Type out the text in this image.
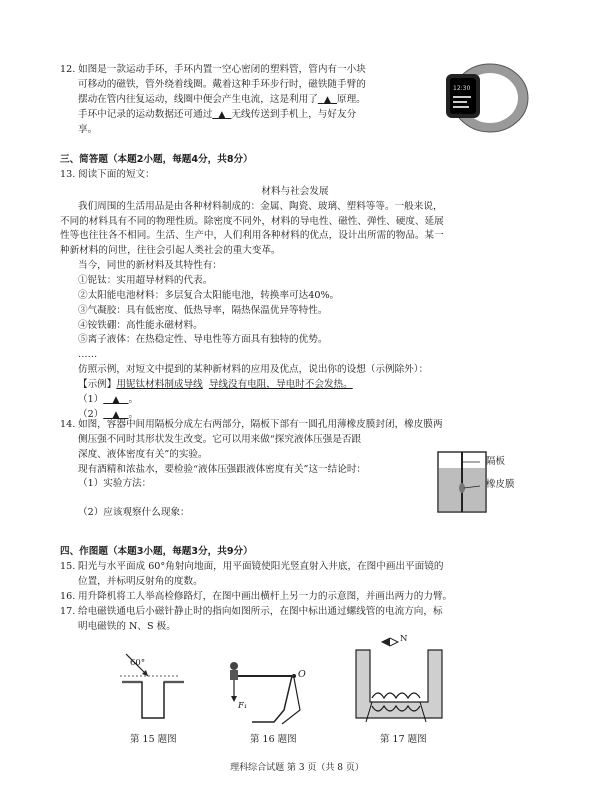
12. 如图是一款运动手环，手环内置一空心密闭的塑料管，管内有一小块
可移动的磁铁，管外绕着线圈。戴着这种手环步行时，磁铁随手臂的
摆动在管内往复运动，线圈中便会产生电流，这是利用了 ▲ 原理。
手环中记录的运动数据还可通过 ▲ 无线传送到手机上，与好友分
享。
12:30
三、简答题（本题2小题，每题4分，共8分）
13. 阅读下面的短文：
材料与社会发展
我们周围的生活用品是由各种材料制成的：金属、陶瓷、玻璃、塑料等等。一般来说，
不同的材料具有不同的物理性质。除密度不同外，材料的导电性、磁性、弹性、硬度、延展
性等也往往各不相同。生活、生产中，人们利用各种材料的优点，设计出所需的物品。某一
种新材料的问世，往往会引起人类社会的重大变革。
当今，同世的新材料及其特性有：
①铌钛：实用超导材料的代表。
②太阳能电池材料：多层复合太阳能电池，转换率可达40%。
③气凝胶：具有低密度、低热导率，隔热保温优异等特性。
④铵铁硼：高性能永磁材料。
⑤离子液体：在热稳定性、导电性等方面具有独特的优势。
……
仿照示例，对短文中提到的某种新材料的应用及优点，说出你的设想（示例除外）：
【示例】用铌钛材料制成导线 导线没有电阻，导电时不会发热。
（1） ▲ 。
（2） ▲ 。
14. 如图，容器中间用隔板分成左右两部分，隔板下部有一圆孔用薄橡皮膜封闭，橡皮膜两
侧压强不同时其形状发生改变。它可以用来做“探究液体压强是否跟
深度、液体密度有关”的实验。
现有酒精和浓盐水，要检验“液体压强跟液体密度有关”这一结论时：
（1）实验方法：
（2）应该观察什么现象：
隔板
橡皮膜
四、作图题（本题3小题，每题3分，共9分）
15. 阳光与水平面成 60°角射向地面，用平面镜使阳光竖直射入井底，在图中画出平面镜的
位置，并标明反射角的度数。
16. 用升降机将工人举高检修路灯，在图中画出横杆上另一力的示意图，并画出两力的力臂。
17. 给电磁铁通电后小磁针静止时的指向如图所示，在图中标出通过螺线管的电流方向，标
明电磁铁的 N、S 极。
60°
第 15 题图
O
F₁
第 16 题图
N
第 17 题图
理科综合试题 第 3 页（共 8 页）
